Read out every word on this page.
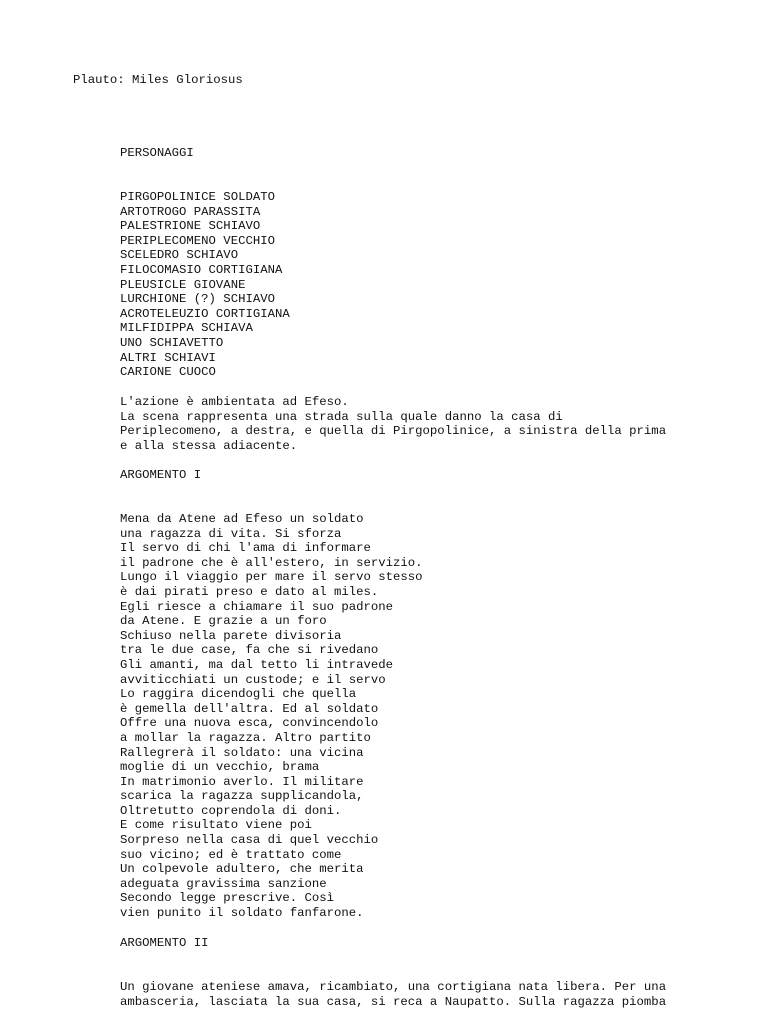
Plauto: Miles Gloriosus
PERSONAGGI
PIRGOPOLINICE SOLDATO
ARTOTROGO PARASSITA
PALESTRIONE SCHIAVO
PERIPLECOMENO VECCHIO
SCELEDRO SCHIAVO
FILOCOMASIO CORTIGIANA
PLEUSICLE GIOVANE
LURCHIONE (?) SCHIAVO
ACROTELEUZIO CORTIGIANA
MILFIDIPPA SCHIAVA
UNO SCHIAVETTO
ALTRI SCHIAVI
CARIONE CUOCO
L'azione è ambientata ad Efeso.
La scena rappresenta una strada sulla quale danno la casa di
Periplecomeno, a destra, e quella di Pirgopolinice, a sinistra della prima
e alla stessa adiacente.
ARGOMENTO I
Mena da Atene ad Efeso un soldato
una ragazza di vita. Si sforza
Il servo di chi l'ama di informare
il padrone che è all'estero, in servizio.
Lungo il viaggio per mare il servo stesso
è dai pirati preso e dato al miles.
Egli riesce a chiamare il suo padrone
da Atene. E grazie a un foro
Schiuso nella parete divisoria
tra le due case, fa che si rivedano
Gli amanti, ma dal tetto li intravede
avviticchiati un custode; e il servo
Lo raggira dicendogli che quella
è gemella dell'altra. Ed al soldato
Offre una nuova esca, convincendolo
a mollar la ragazza. Altro partito
Rallegrerà il soldato: una vicina
moglie di un vecchio, brama
In matrimonio averlo. Il militare
scarica la ragazza supplicandola,
Oltretutto coprendola di doni.
E come risultato viene poi
Sorpreso nella casa di quel vecchio
suo vicino; ed è trattato come
Un colpevole adultero, che merita
adeguata gravissima sanzione
Secondo legge prescrive. Così
vien punito il soldato fanfarone.
ARGOMENTO II
Un giovane ateniese amava, ricambiato, una cortigiana nata libera. Per una
ambasceria, lasciata la sua casa, si reca a Naupatto. Sulla ragazza piomba
